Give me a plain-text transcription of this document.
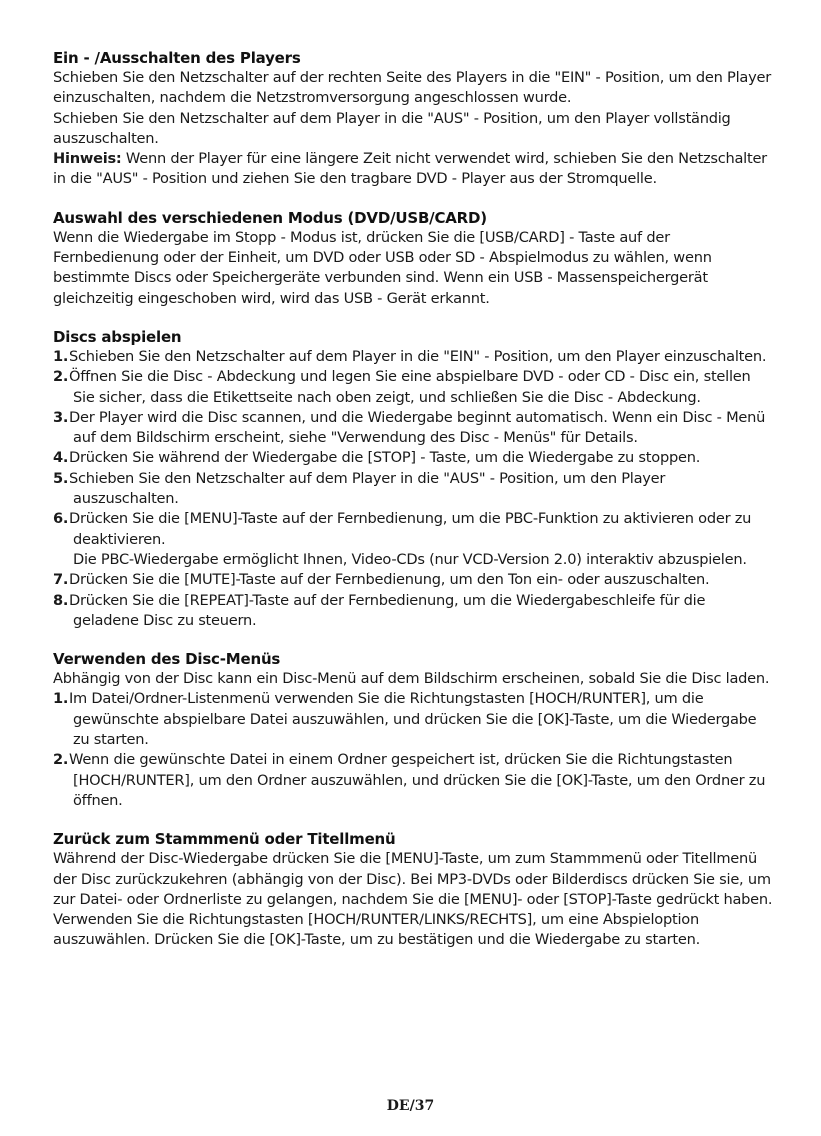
Ein - /Ausschalten des Players
Schieben Sie den Netzschalter auf der rechten Seite des Players in die "EIN" - Position, um den Player einzuschalten, nachdem die Netzstromversorgung angeschlossen wurde.
Schieben Sie den Netzschalter auf dem Player in die "AUS" - Position, um den Player vollständig auszuschalten.
Hinweis: Wenn der Player für eine längere Zeit nicht verwendet wird, schieben Sie den Netzschalter in die "AUS" - Position und ziehen Sie den tragbare DVD - Player aus der Stromquelle.
Auswahl des verschiedenen Modus (DVD/USB/CARD)
Wenn die Wiedergabe im Stopp - Modus ist, drücken Sie die [USB/CARD] - Taste auf der Fernbedienung oder der Einheit, um DVD oder USB oder SD - Abspielmodus zu wählen, wenn bestimmte Discs oder Speichergeräte verbunden sind. Wenn ein USB - Massenspeichergerät gleichzeitig eingeschoben wird, wird das USB - Gerät erkannt.
Discs abspielen
1.Schieben Sie den Netzschalter auf dem Player in die "EIN" - Position, um den Player einzuschalten.
2.Öffnen Sie die Disc - Abdeckung und legen Sie eine abspielbare DVD - oder CD - Disc ein, stellen Sie sicher, dass die Etikettseite nach oben zeigt, und schließen Sie die Disc - Abdeckung.
3.Der Player wird die Disc scannen, und die Wiedergabe beginnt automatisch. Wenn ein Disc - Menü auf dem Bildschirm erscheint, siehe "Verwendung des Disc - Menüs" für Details.
4.Drücken Sie während der Wiedergabe die [STOP] - Taste, um die Wiedergabe zu stoppen.
5.Schieben Sie den Netzschalter auf dem Player in die "AUS" - Position, um den Player auszuschalten.
6.Drücken Sie die [MENU]-Taste auf der Fernbedienung, um die PBC-Funktion zu aktivieren oder zu deaktivieren.
Die PBC-Wiedergabe ermöglicht Ihnen, Video-CDs (nur VCD-Version 2.0) interaktiv abzuspielen.
7.Drücken Sie die [MUTE]-Taste auf der Fernbedienung, um den Ton ein- oder auszuschalten.
8.Drücken Sie die [REPEAT]-Taste auf der Fernbedienung, um die Wiedergabeschleife für die geladene Disc zu steuern.
Verwenden des Disc-Menüs
Abhängig von der Disc kann ein Disc-Menü auf dem Bildschirm erscheinen, sobald Sie die Disc laden.
1.Im Datei/Ordner-Listenmenü verwenden Sie die Richtungstasten [HOCH/RUNTER], um die gewünschte abspielbare Datei auszuwählen, und drücken Sie die [OK]-Taste, um die Wiedergabe zu starten.
2.Wenn die gewünschte Datei in einem Ordner gespeichert ist, drücken Sie die Richtungstasten [HOCH/RUNTER], um den Ordner auszuwählen, und drücken Sie die [OK]-Taste, um den Ordner zu öffnen.
Zurück zum Stammmenü oder Titellmenü
Während der Disc-Wiedergabe drücken Sie die [MENU]-Taste, um zum Stammmenü oder Titellmenü der Disc zurückzukehren (abhängig von der Disc). Bei MP3-DVDs oder Bilderdiscs drücken Sie sie, um zur Datei- oder Ordnerliste zu gelangen, nachdem Sie die [MENU]- oder [STOP]-Taste gedrückt haben. Verwenden Sie die Richtungstasten [HOCH/RUNTER/LINKS/RECHTS], um eine Abspieloption auszuwählen. Drücken Sie die [OK]-Taste, um zu bestätigen und die Wiedergabe zu starten.
DE/37
